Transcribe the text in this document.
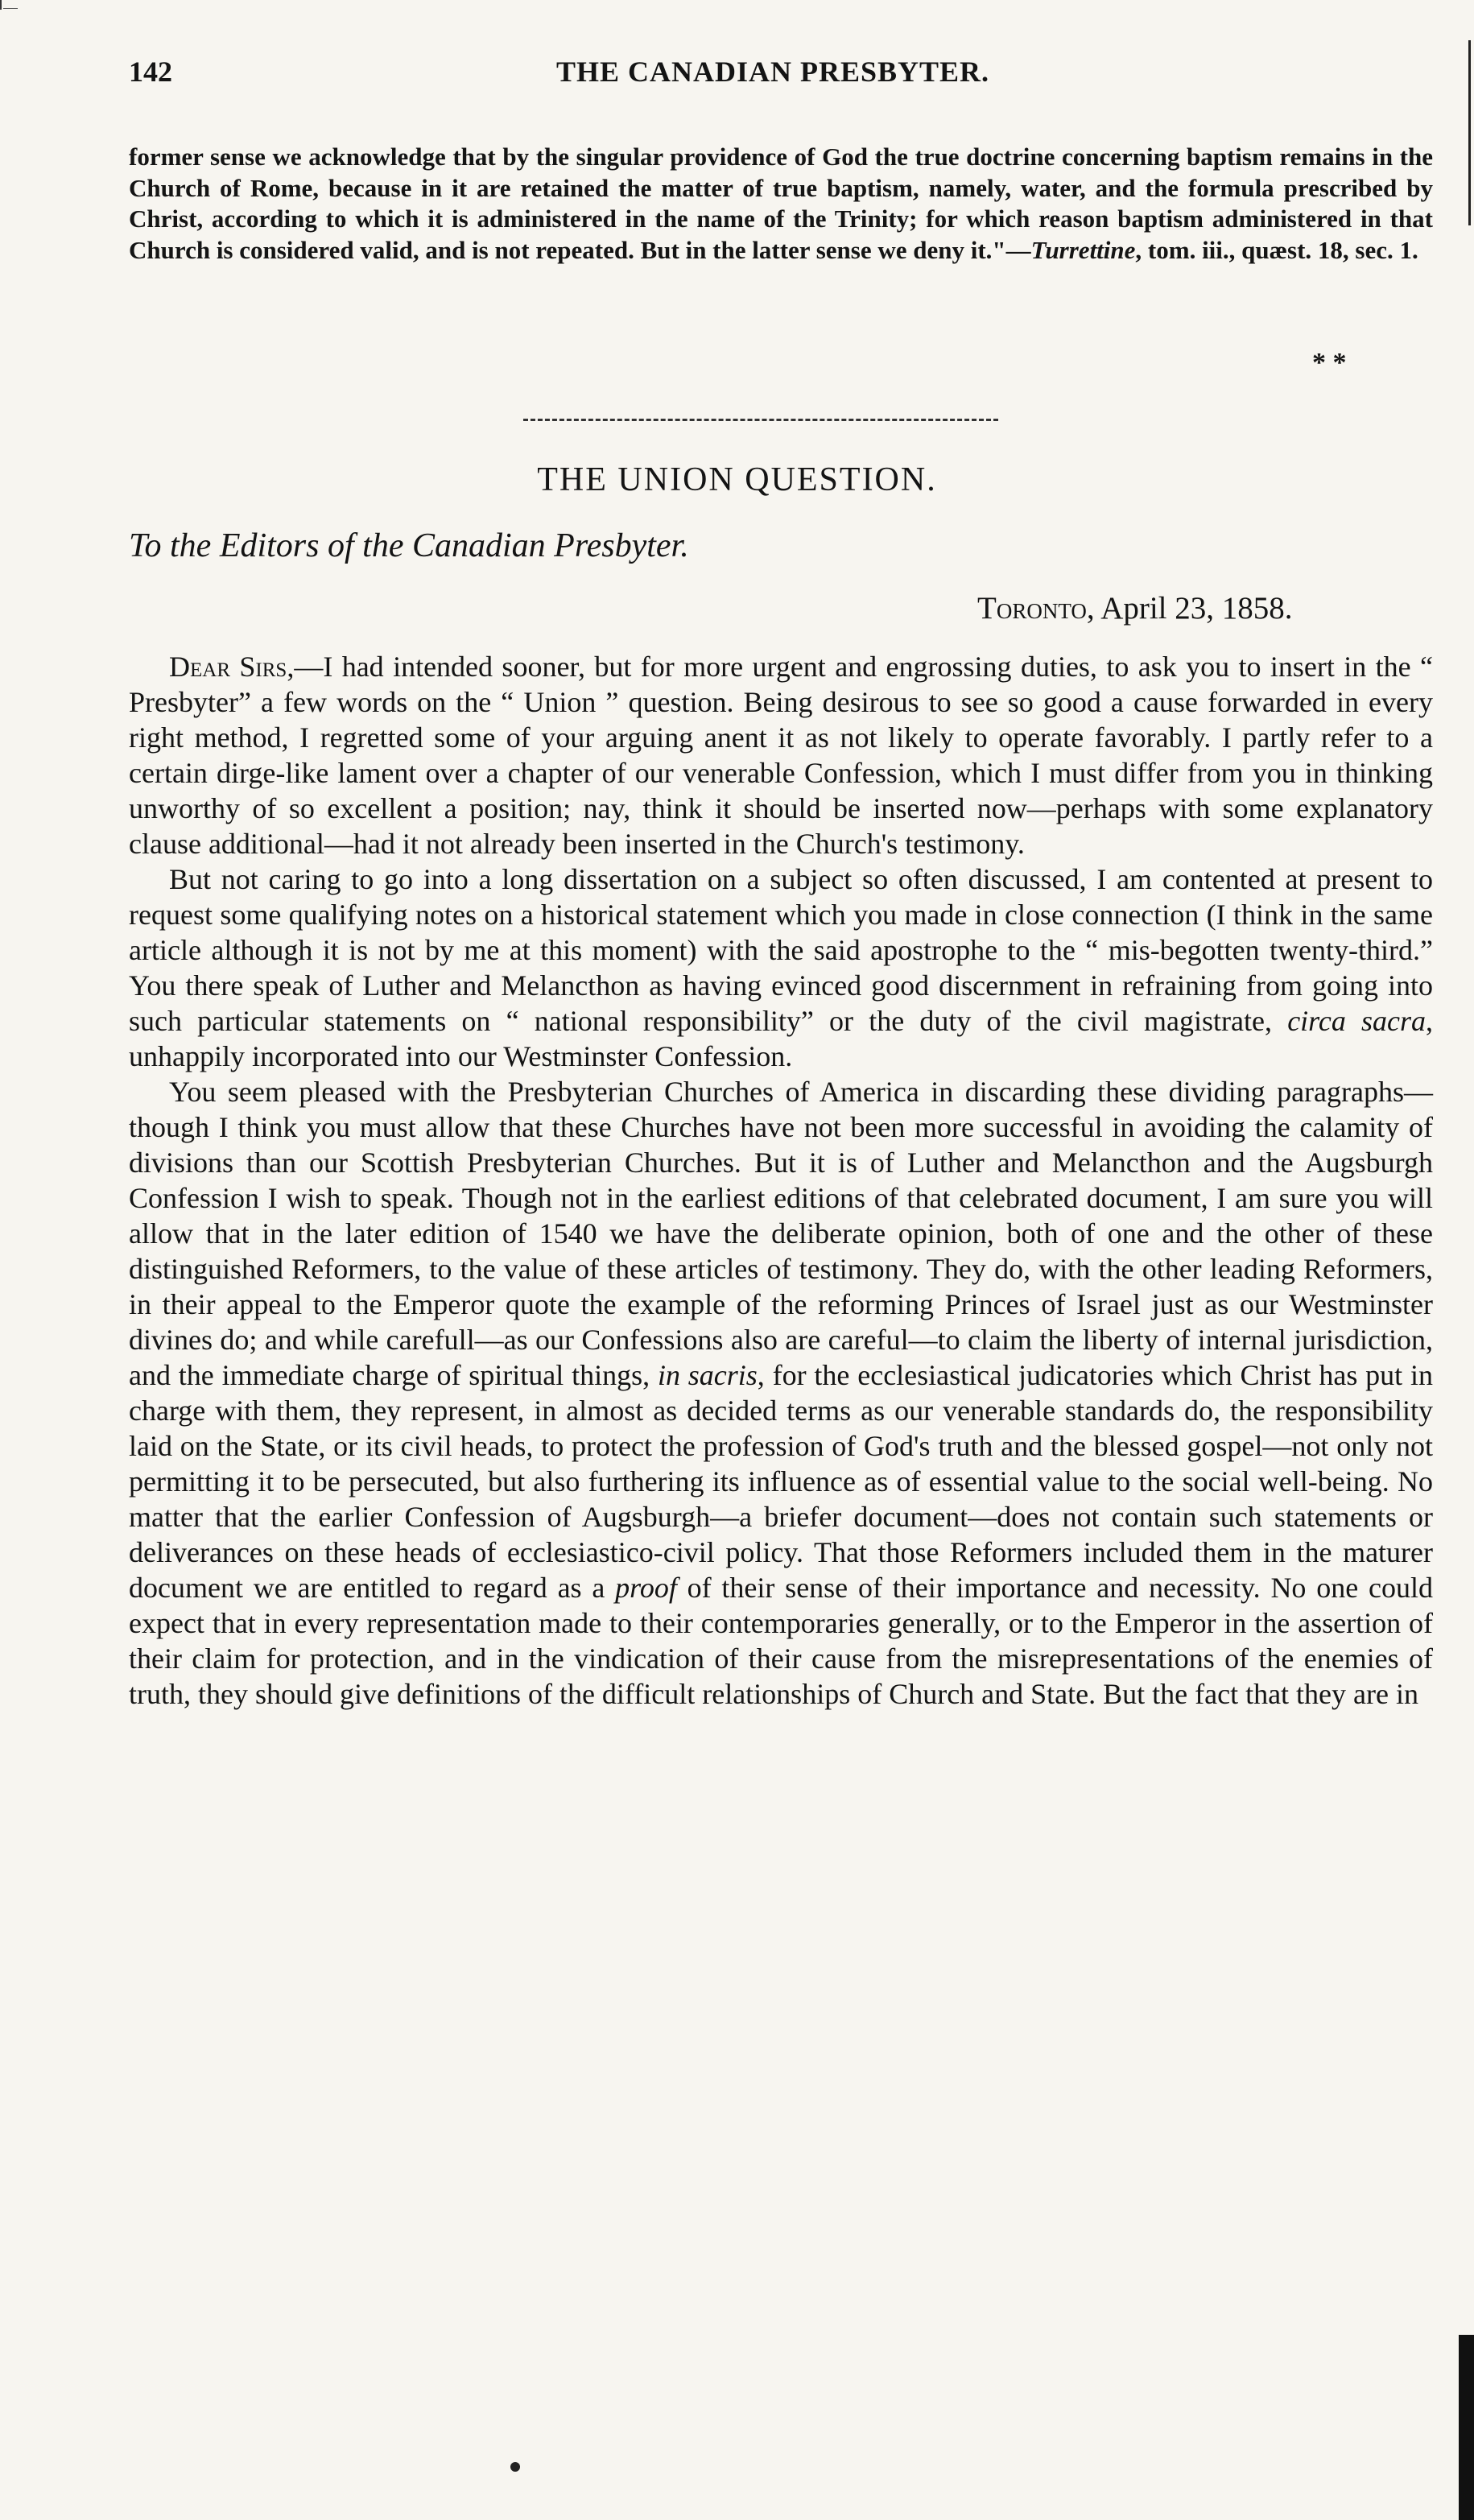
142	THE CANADIAN PRESBYTER.

former sense we acknowledge that by the singular providence of God the true doctrine concerning baptism remains in the Church of Rome, because in it are retained the matter of true baptism, namely, water, and the formula prescribed by Christ, according to which it is administered in the name of the Trinity; for which reason baptism administered in that Church is considered valid, and is not repeated. But in the latter sense we deny it."—Turrettine, tom. iii., quæst. 18, sec. 1.

* *
THE UNION QUESTION.
To the Editors of the Canadian Presbyter.
Toronto, April 23, 1858.

Dear Sirs,—I had intended sooner, but for more urgent and engrossing duties, to ask you to insert in the “ Presbyter” a few words on the “ Union ” question. Being desirous to see so good a cause forwarded in every right method, I regretted some of your arguing anent it as not likely to operate favorably. I partly refer to a certain dirge-like lament over a chapter of our venerable Confession, which I must differ from you in thinking unworthy of so excellent a position; nay, think it should be inserted now—perhaps with some explanatory clause additional—had it not already been inserted in the Church's testimony.

But not caring to go into a long dissertation on a subject so often discussed, I am contented at present to request some qualifying notes on a historical statement which you made in close connection (I think in the same article although it is not by me at this moment) with the said apostrophe to the “ mis-begotten twenty-third.” You there speak of Luther and Melancthon as having evinced good discernment in refraining from going into such particular statements on “ national responsibility” or the duty of the civil magistrate, circa sacra, unhappily incorporated into our Westminster Confession.

You seem pleased with the Presbyterian Churches of America in discarding these dividing paragraphs—though I think you must allow that these Churches have not been more successful in avoiding the calamity of divisions than our Scottish Presbyterian Churches. But it is of Luther and Melancthon and the Augsburgh Confession I wish to speak. Though not in the earliest editions of that celebrated document, I am sure you will allow that in the later edition of 1540 we have the deliberate opinion, both of one and the other of these distinguished Reformers, to the value of these articles of testimony. They do, with the other leading Reformers, in their appeal to the Emperor quote the example of the reforming Princes of Israel just as our Westminster divines do; and while carefull—as our Confessions also are careful—to claim the liberty of internal jurisdiction, and the immediate charge of spiritual things, in sacris, for the ecclesiastical judicatories which Christ has put in charge with them, they represent, in almost as decided terms as our venerable standards do, the responsibility laid on the State, or its civil heads, to protect the profession of God's truth and the blessed gospel—not only not permitting it to be persecuted, but also furthering its influence as of essential value to the social well-being. No matter that the earlier Confession of Augsburgh—a briefer document—does not contain such statements or deliverances on these heads of ecclesiastico-civil policy. That those Reformers included them in the maturer document we are entitled to regard as a proof of their sense of their importance and necessity. No one could expect that in every representation made to their contemporaries generally, or to the Emperor in the assertion of their claim for protection, and in the vindication of their cause from the misrepresentations of the enemies of truth, they should give definitions of the difficult relationships of Church and State. But the fact that they are in
